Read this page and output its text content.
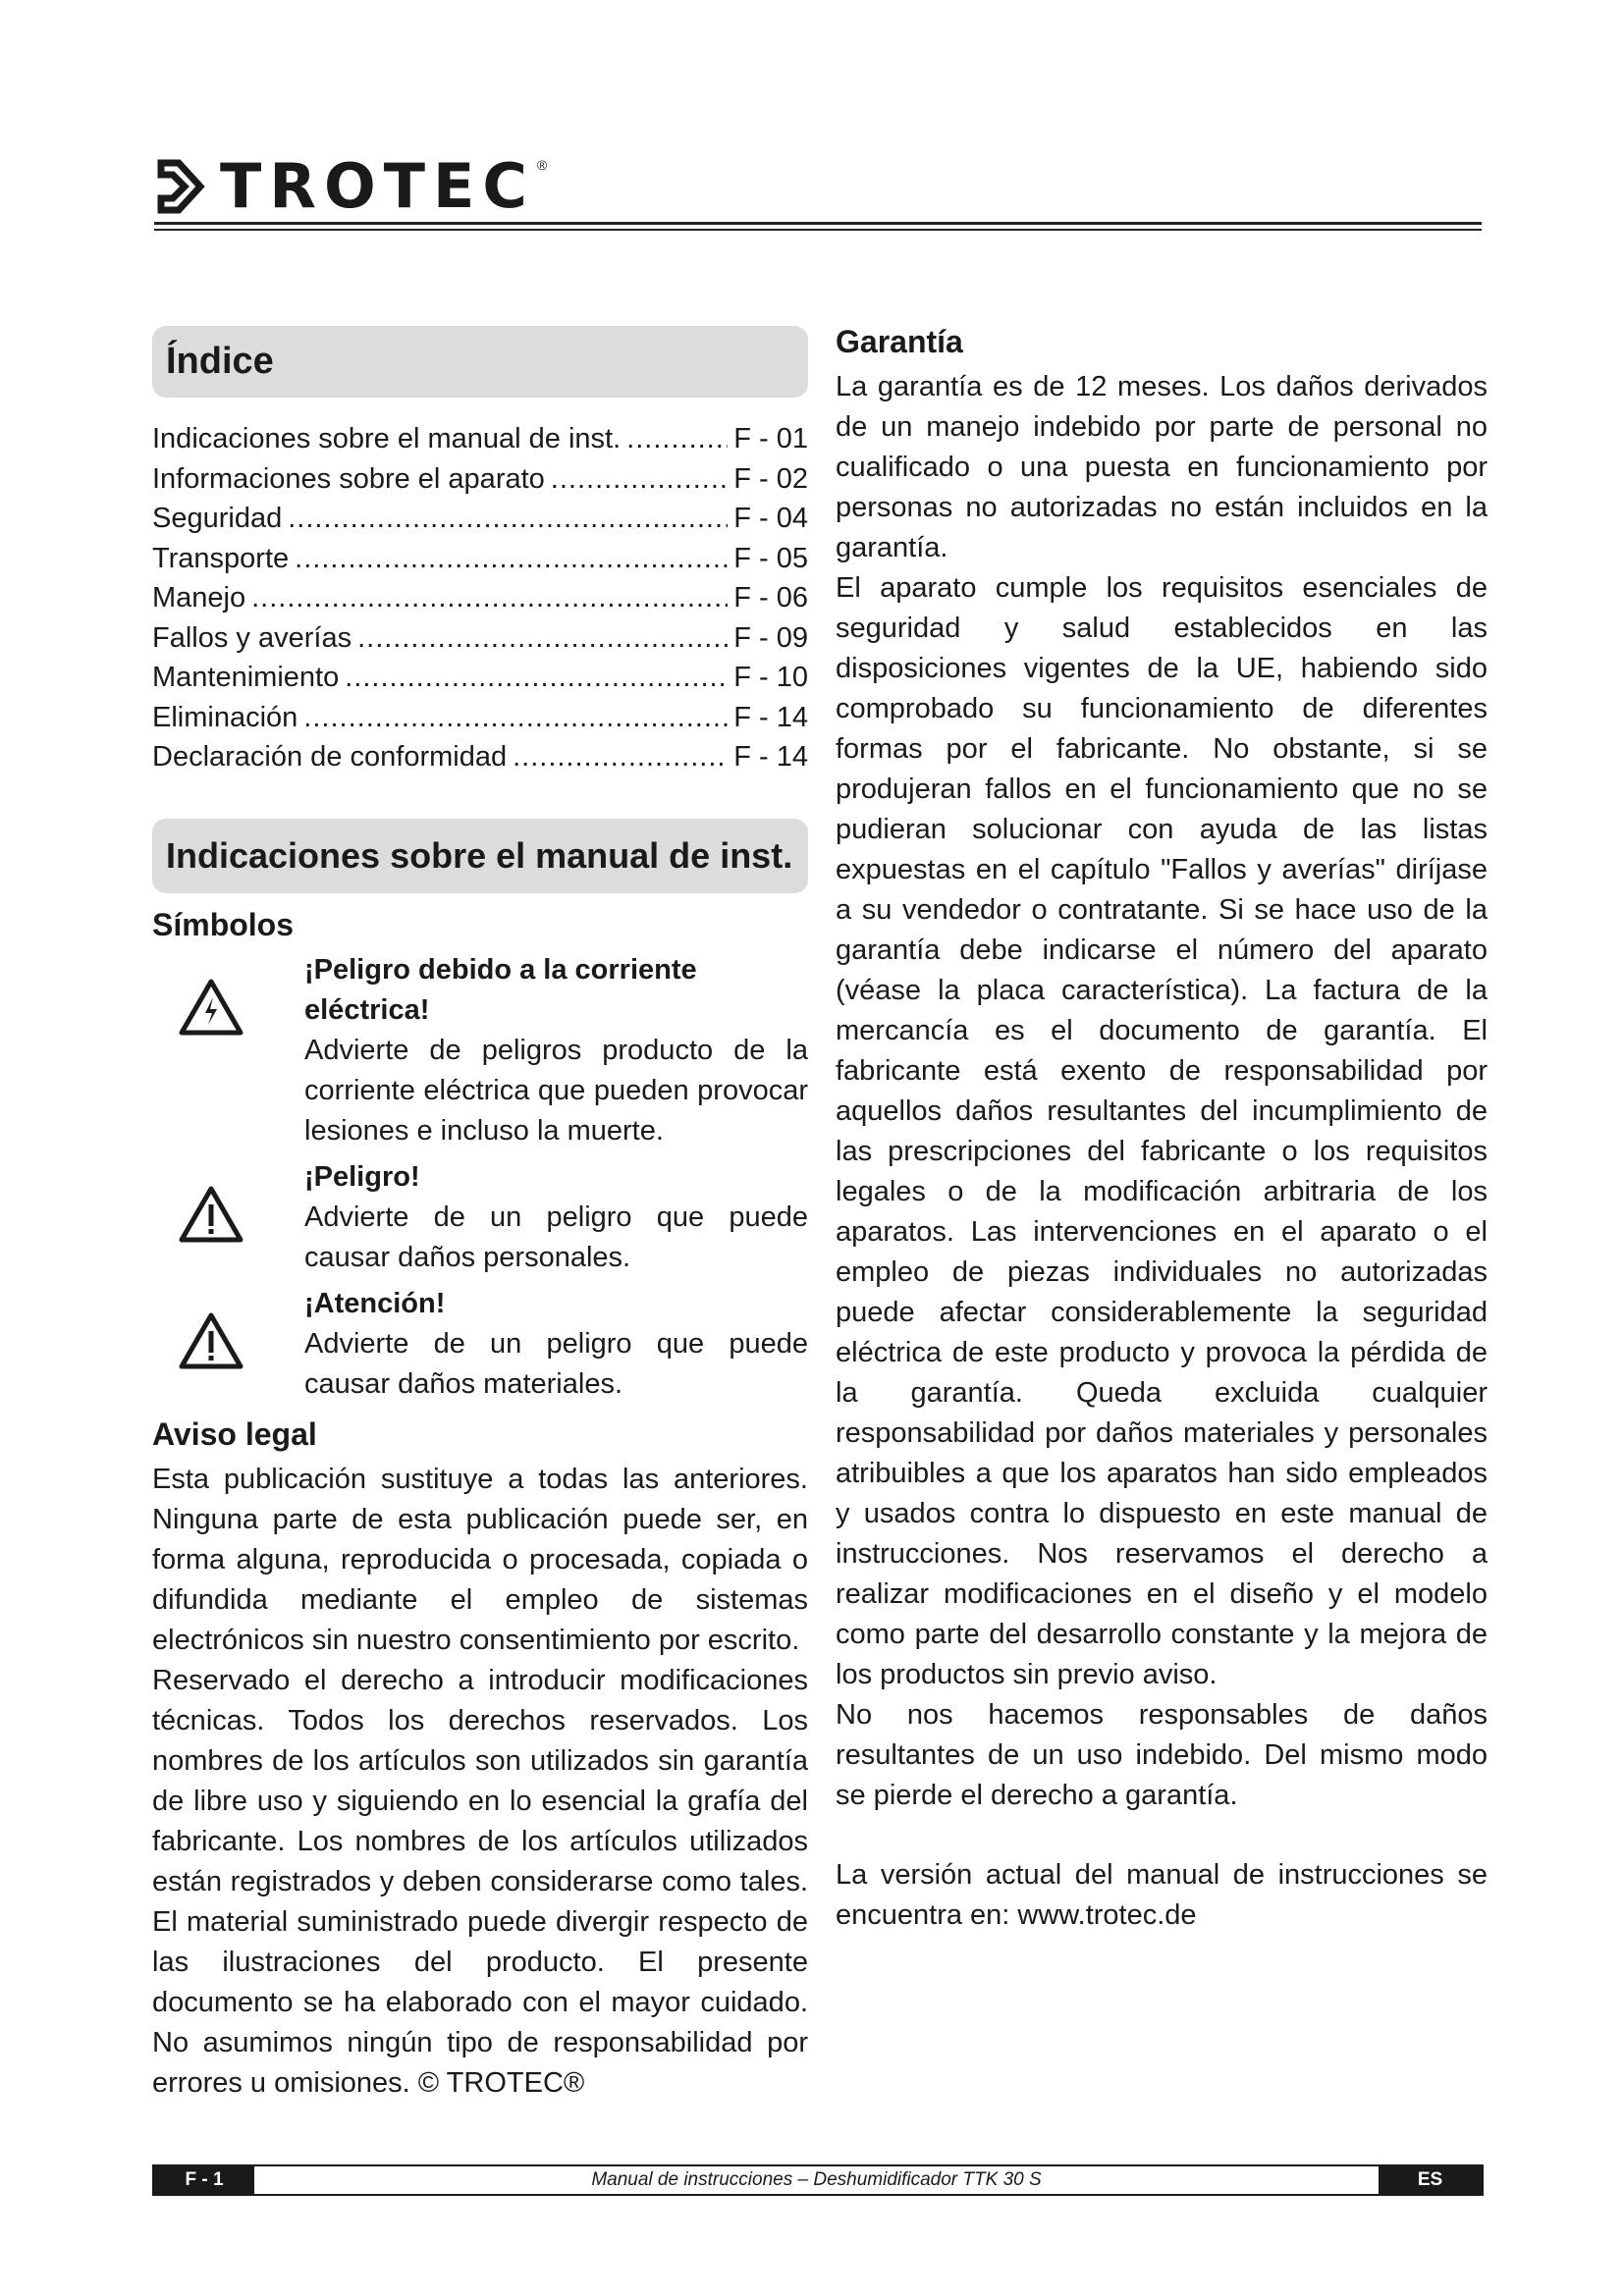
TROTEC ®
Índice
Indicaciones sobre el manual de inst. .....	F - 01
Informaciones sobre el aparato .....	F - 02
Seguridad .....	F - 04
Transporte .....	F - 05
Manejo .....	F - 06
Fallos y averías .....	F - 09
Mantenimiento .....	F - 10
Eliminación .....	F - 14
Declaración de conformidad .....	F - 14
Indicaciones sobre el manual de inst.
Símbolos
¡Peligro debido a la corriente eléctrica!
Advierte de peligros producto de la corriente eléctrica que pueden provocar lesiones e incluso la muerte.
¡Peligro!
Advierte de un peligro que puede causar daños personales.
¡Atención!
Advierte de un peligro que puede causar daños materiales.
Aviso legal
Esta publicación sustituye a todas las anteriores. Ninguna parte de esta publicación puede ser, en forma alguna, reproducida o procesada, copiada o difundida mediante el empleo de sistemas electrónicos sin nuestro consentimiento por escrito.
Reservado el derecho a introducir modificaciones técnicas. Todos los derechos reservados. Los nombres de los artículos son utilizados sin garantía de libre uso y siguiendo en lo esencial la grafía del fabricante. Los nombres de los artículos utilizados están registrados y deben considerarse como tales. El material suministrado puede divergir respecto de las ilustraciones del producto. El presente documento se ha elaborado con el mayor cuidado. No asumimos ningún tipo de responsabilidad por errores u omisiones. © TROTEC®
Garantía
La garantía es de 12 meses. Los daños derivados de un manejo indebido por parte de personal no cualificado o una puesta en funcionamiento por personas no autorizadas no están incluidos en la garantía.
El aparato cumple los requisitos esenciales de seguridad y salud establecidos en las disposiciones vigentes de la UE, habiendo sido comprobado su funcionamiento de diferentes formas por el fabricante. No obstante, si se produjeran fallos en el funcionamiento que no se pudieran solucionar con ayuda de las listas expuestas en el capítulo "Fallos y averías" diríjase a su vendedor o contratante. Si se hace uso de la garantía debe indicarse el número del aparato (véase la placa característica). La factura de la mercancía es el documento de garantía. El fabricante está exento de responsabilidad por aquellos daños resultantes del incumplimiento de las prescripciones del fabricante o los requisitos legales o de la modificación arbitraria de los aparatos. Las intervenciones en el aparato o el empleo de piezas individuales no autorizadas puede afectar considerablemente la seguridad eléctrica de este producto y provoca la pérdida de la garantía. Queda excluida cualquier responsabilidad por daños materiales y personales atribuibles a que los aparatos han sido empleados y usados contra lo dispuesto en este manual de instrucciones. Nos reservamos el derecho a realizar modificaciones en el diseño y el modelo como parte del desarrollo constante y la mejora de los productos sin previo aviso.
No nos hacemos responsables de daños resultantes de un uso indebido. Del mismo modo se pierde el derecho a garantía.
La versión actual del manual de instrucciones se encuentra en: www.trotec.de
F - 1	Manual de instrucciones – Deshumidificador TTK 30 S	ES
